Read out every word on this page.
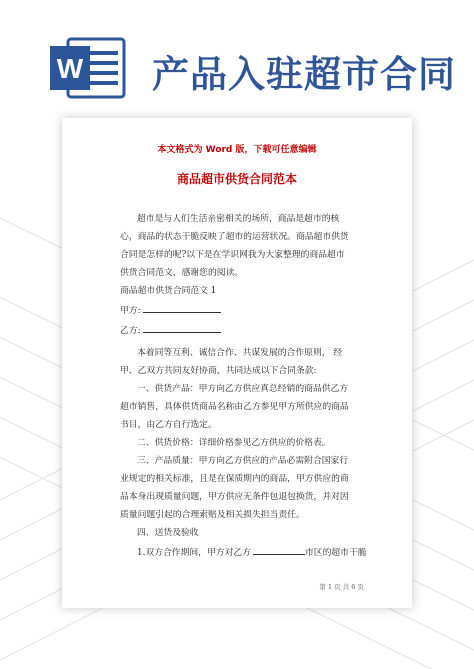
W 产品入驻超市合同
本文格式为 Word 版，下载可任意编辑
商品超市供货合同范本
超市是与人们生活亲密相关的场所，商品是超市的核心，商品的状态干脆反映了超市的运营状况。商品超市供货合同是怎样的呢?以下是在学识网我为大家整理的商品超市供货合同范文，感谢您的阅读。
商品超市供货合同范文 1
甲方:
乙方:
本着同等互利、诚信合作、共谋发展的合作原则， 经甲、乙双方共同友好协商，共同达成以下合同条款:
一、供货产品：甲方向乙方供应真总经销的商品供乙方超市销售，具体供货商品名称由乙方参见甲方所供应的商品书目，由乙方自行选定。
二、供货价格：详细价格参见乙方供应的价格表。
三、产品质量：甲方向乙方供应的产品必需附合国家行业规定的相关标准，且是在保质期内的商品，甲方供应的商品本身出现质量问题，甲方供应无条件包退包换货，并对因质量问题引起的合理索赔及相关损失担当责任。
四、送货及验收
1.双方合作期间，甲方对乙方	市区的超市干脆
第 1 页 共 6 页
